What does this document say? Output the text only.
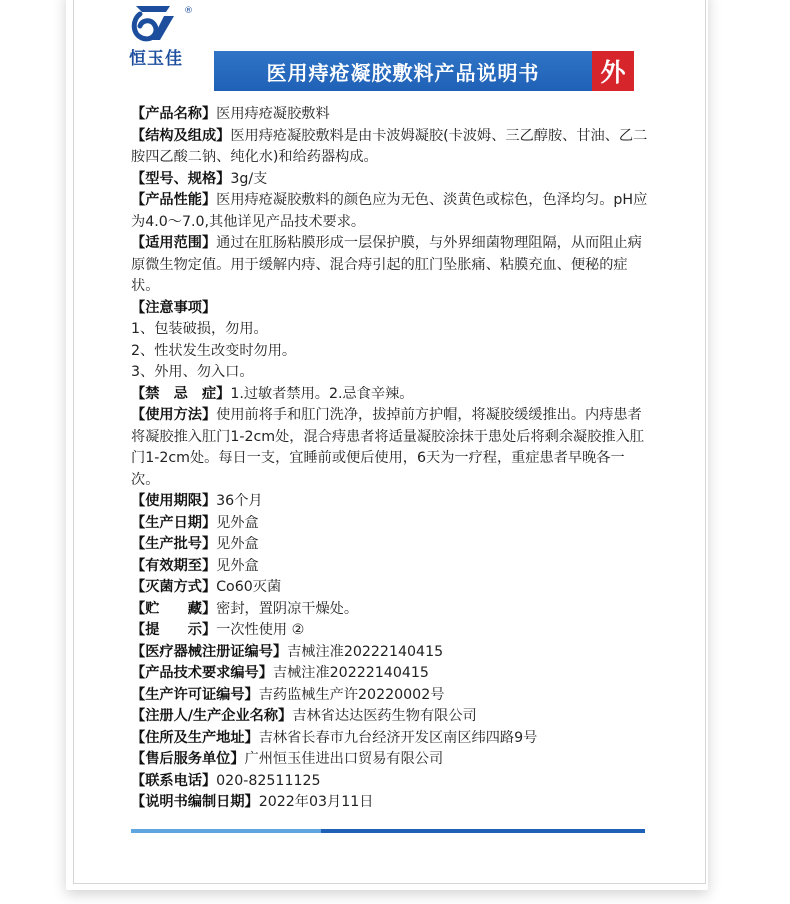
®
恒玉佳
医用痔疮凝胶敷料产品说明书	外

【产品名称】医用痔疮凝胶敷料

【结构及组成】医用痔疮凝胶敷料是由卡波姆凝胶(卡波姆、三乙醇胺、甘油、乙二胺四乙酸二钠、纯化水)和给药器构成。

【型号、规格】3g/支

【产品性能】医用痔疮凝胶敷料的颜色应为无色、淡黄色或棕色，色泽均匀。pH应为4.0～7.0,其他详见产品技术要求。

【适用范围】通过在肛肠粘膜形成一层保护膜，与外界细菌物理阻隔，从而阻止病原微生物定值。用于缓解内痔、混合痔引起的肛门坠胀痛、粘膜充血、便秘的症状。

【注意事项】

1、包装破损，勿用。

2、性状发生改变时勿用。

3、外用、勿入口。

【禁　忌　症】1.过敏者禁用。2.忌食辛辣。

【使用方法】使用前将手和肛门洗净，拔掉前方护帽，将凝胶缓缓推出。内痔患者将凝胶推入肛门1-2cm处，混合痔患者将适量凝胶涂抹于患处后将剩余凝胶推入肛门1-2cm处。每日一支，宜睡前或便后使用，6天为一疗程，重症患者早晚各一次。

【使用期限】36个月

【生产日期】见外盒

【生产批号】见外盒

【有效期至】见外盒

【灭菌方式】Co60灭菌

【贮　　藏】密封，置阴凉干燥处。

【提　　示】一次性使用 ②

【医疗器械注册证编号】吉械注准20222140415

【产品技术要求编号】吉械注准20222140415

【生产许可证编号】吉药监械生产许20220002号

【注册人/生产企业名称】吉林省达达医药生物有限公司

【住所及生产地址】吉林省长春市九台经济开发区南区纬四路9号

【售后服务单位】广州恒玉佳进出口贸易有限公司

【联系电话】020-82511125

【说明书编制日期】2022年03月11日
